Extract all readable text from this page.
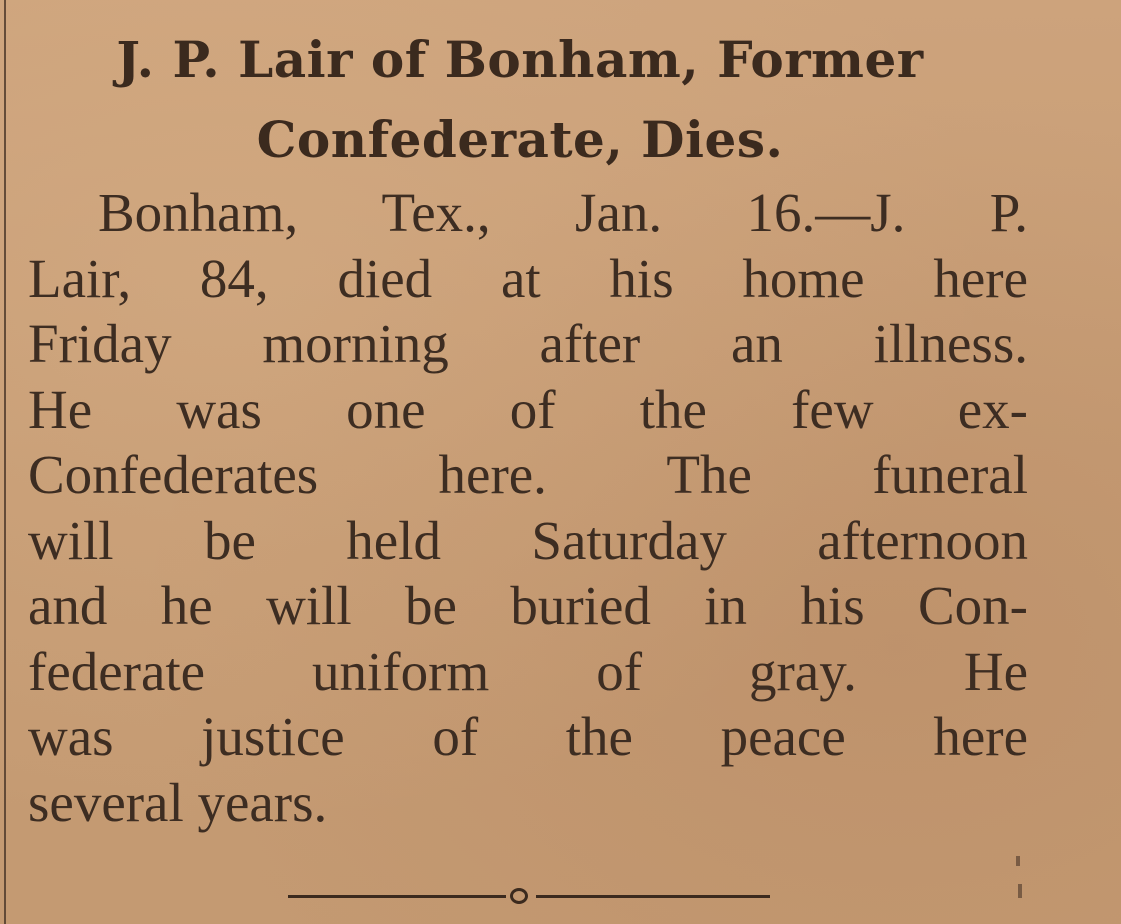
J. P. Lair of Bonham, Former
Confederate, Dies.
Bonham, Tex., Jan. 16.—J. P.
Lair, 84, died at his home here
Friday morning after an illness.
He was one of the few ex-
Confederates here. The funeral
will be held Saturday afternoon
and he will be buried in his Con-
federate uniform of gray. He
was justice of the peace here
several years.
